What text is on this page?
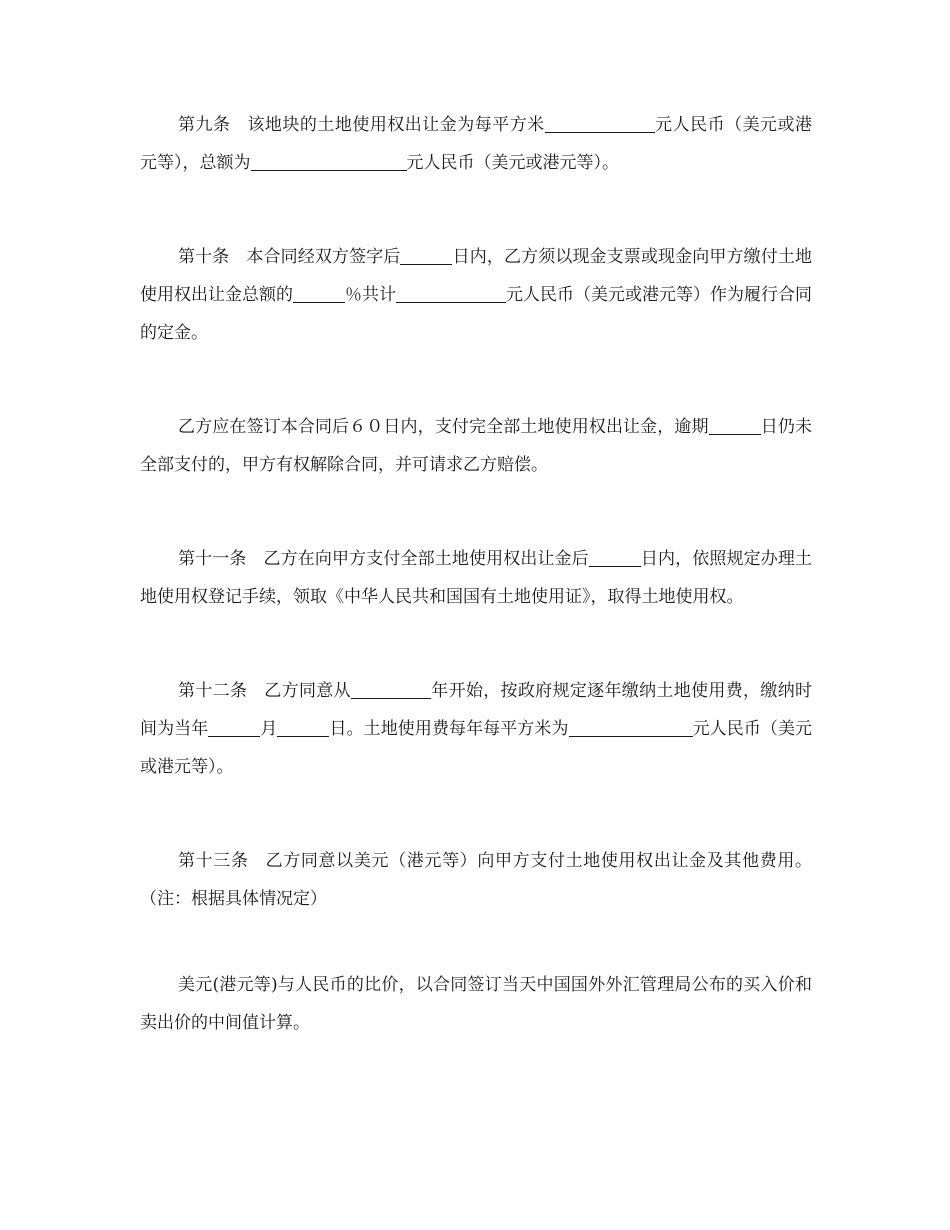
第九条 该地块的土地使用权出让金为每平方米	元人民币（美元或港元等），总额为	元人民币（美元或港元等）。

第十条 本合同经双方签字后	日内，乙方须以现金支票或现金向甲方缴付土地使用权出让金总额的	％共计	元人民币（美元或港元等）作为履行合同的定金。

乙方应在签订本合同后６０日内，支付完全部土地使用权出让金，逾期	日仍未全部支付的，甲方有权解除合同，并可请求乙方赔偿。

第十一条 乙方在向甲方支付全部土地使用权出让金后	日内，依照规定办理土地使用权登记手续，领取《中华人民共和国国有土地使用证》，取得土地使用权。

第十二条 乙方同意从	年开始，按政府规定逐年缴纳土地使用费，缴纳时间为当年	月	日。土地使用费每年每平方米为	元人民币（美元或港元等）。

第十三条 乙方同意以美元（港元等）向甲方支付土地使用权出让金及其他费用。（注：根据具体情况定）

美元(港元等)与人民币的比价，以合同签订当天中国国外外汇管理局公布的买入价和卖出价的中间值计算。
